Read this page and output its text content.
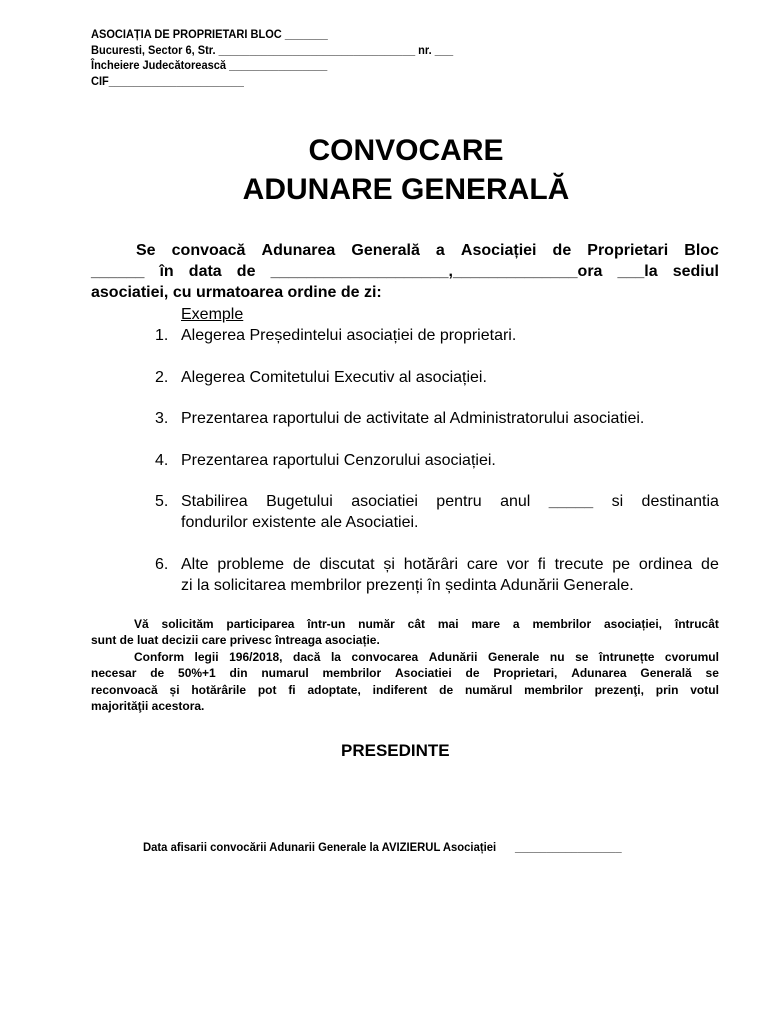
ASOCIAȚIA DE PROPRIETARI BLOC _______
Bucuresti, Sector 6, Str. ________________________________ nr. ___
Încheiere Judecătorească ________________
CIF______________________
CONVOCARE
ADUNARE GENERALĂ
Se convoacă Adunarea Generală a Asociației de Proprietari Bloc
______ în data de ____________________,______________ora ___la sediul
asociatiei, cu urmatoarea ordine de zi:
Exemple
1. Alegerea Președintelui asociației de proprietari.
2. Alegerea Comitetului Executiv al asociației.
3. Prezentarea raportului de activitate al Administratorului asociatiei.
4. Prezentarea raportului Cenzorului asociației.
5. Stabilirea Bugetului asociatiei pentru anul _____ si destinantia
fondurilor existente ale Asociatiei.
6. Alte probleme de discutat și hotărâri care vor fi trecute pe ordinea de
zi la solicitarea membrilor prezenți în ședinta Adunării Generale.
Vă solicităm participarea într-un număr cât mai mare a membrilor asociației, întrucât
sunt de luat decizii care privesc întreaga asociație.
Conform legii 196/2018, dacă la convocarea Adunării Generale nu se întrunețte cvorumul
necesar de 50%+1 din numarul membrilor Asociatiei de Proprietari, Adunarea Generală se
reconvoacă și hotărârile pot fi adoptate, indiferent de numărul membrilor prezenţi, prin votul
majorităţii acestora.
PRESEDINTE
Data afisarii convocării Adunarii Generale la AVIZIERUL Asociației _________________
